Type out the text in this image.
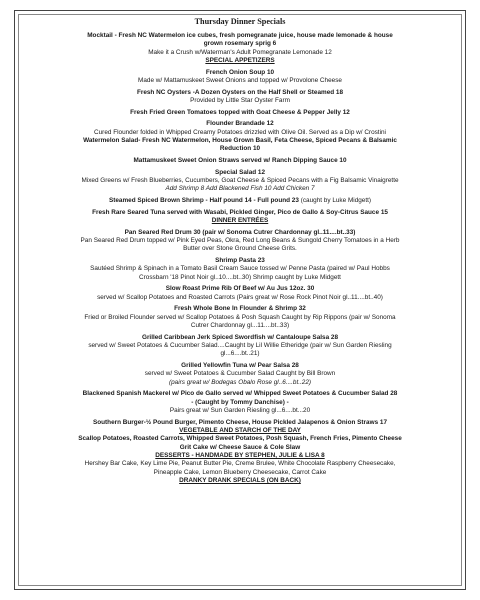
Thursday Dinner Specials
Mocktail - Fresh NC Watermelon ice cubes, fresh pomegranate juice, house made lemonade & house
grown rosemary sprig 6
Make it a Crush w/Waterman's Adult Pomegranate Lemonade 12
SPECIAL APPETIZERS
French Onion Soup 10
Made w/ Mattamuskeet Sweet Onions and topped w/ Provolone Cheese
Fresh NC Oysters -A Dozen Oysters on the Half Shell or Steamed 18
Provided by Little Star Oyster Farm
Fresh Fried Green Tomatoes topped with Goat Cheese & Pepper Jelly 12
Flounder Brandade 12
Cured Flounder folded in Whipped Creamy Potatoes drizzled with Olive Oil. Served as a Dip w/ Crostini
Watermelon Salad- Fresh NC Watermelon, House Grown Basil, Feta Cheese, Spiced Pecans & Balsamic
Reduction 10
Mattamuskeet Sweet Onion Straws served w/ Ranch Dipping Sauce 10
Special Salad 12
Mixed Greens w/ Fresh Blueberries, Cucumbers, Goat Cheese & Spiced Pecans with a Fig Balsamic Vinaigrette
Add Shrimp 8 Add Blackened Fish 10 Add Chicken 7
Steamed Spiced Brown Shrimp - Half pound 14 - Full pound 23 (caught by Luke Midgett)
Fresh Rare Seared Tuna served with Wasabi, Pickled Ginger, Pico de Gallo & Soy-Citrus Sauce 15
DINNER ENTRÉES
Pan Seared Red Drum 30 (pair w/ Sonoma Cutrer Chardonnay gl..11....bt..33)
Pan Seared Red Drum topped w/ Pink Eyed Peas, Okra, Red Long Beans & Sungold Cherry Tomatoes in a Herb
Butter over Stone Ground Cheese Grits.
Shrimp Pasta 23
Sautéed Shrimp & Spinach in a Tomato Basil Cream Sauce tossed w/ Penne Pasta (paired w/ Paul Hobbs
Crossbarn '18 Pinot Noir gl..10....bt..30) Shrimp caught by Luke Midgett
Slow Roast Prime Rib Of Beef w/ Au Jus 12oz. 30
served w/ Scallop Potatoes and Roasted Carrots (Pairs great w/ Rose Rock Pinot Noir gl..11....bt..40)
Fresh Whole Bone In Flounder & Shrimp 32
Fried or Broiled Flounder served w/ Scallop Potatoes & Posh Squash Caught by Rip Rippons (pair w/ Sonoma
Cutrer Chardonnay gl...11....bt..33)
Grilled Caribbean Jerk Spiced Swordfish w/ Cantaloupe Salsa 28
served w/ Sweet Potatoes & Cucumber Salad....Caught by Lil Willie Etheridge (pair w/ Sun Garden Riesling
gl...6....bt..21)
Grilled Yellowfin Tuna w/ Pear Salsa 28
served w/ Sweet Potatoes & Cucumber Salad Caught by Bill Brown
(pairs great w/ Bodegas Obalo Rose gl..6....bt..22)
Blackened Spanish Mackerel w/ Pico de Gallo served w/ Whipped Sweet Potatoes & Cucumber Salad 28
- (Caught by Tommy Danchise) -
Pairs great w/ Sun Garden Riesling gl...6....bt...20
Southern Burger-½ Pound Burger, Pimento Cheese, House Pickled Jalapenos & Onion Straws 17
VEGETABLE AND STARCH OF THE DAY
Scallop Potatoes, Roasted Carrots, Whipped Sweet Potatoes, Posh Squash, French Fries, Pimento Cheese
Grit Cake w/ Cheese Sauce & Cole Slaw
DESSERTS - HANDMADE BY STEPHEN, JULIE & LISA 8
Hershey Bar Cake, Key Lime Pie, Peanut Butter Pie, Creme Brulee, White Chocolate Raspberry Cheesecake,
Pineapple Cake, Lemon Blueberry Cheesecake, Carrot Cake
DRANKY DRANK SPECIALS (ON BACK)
